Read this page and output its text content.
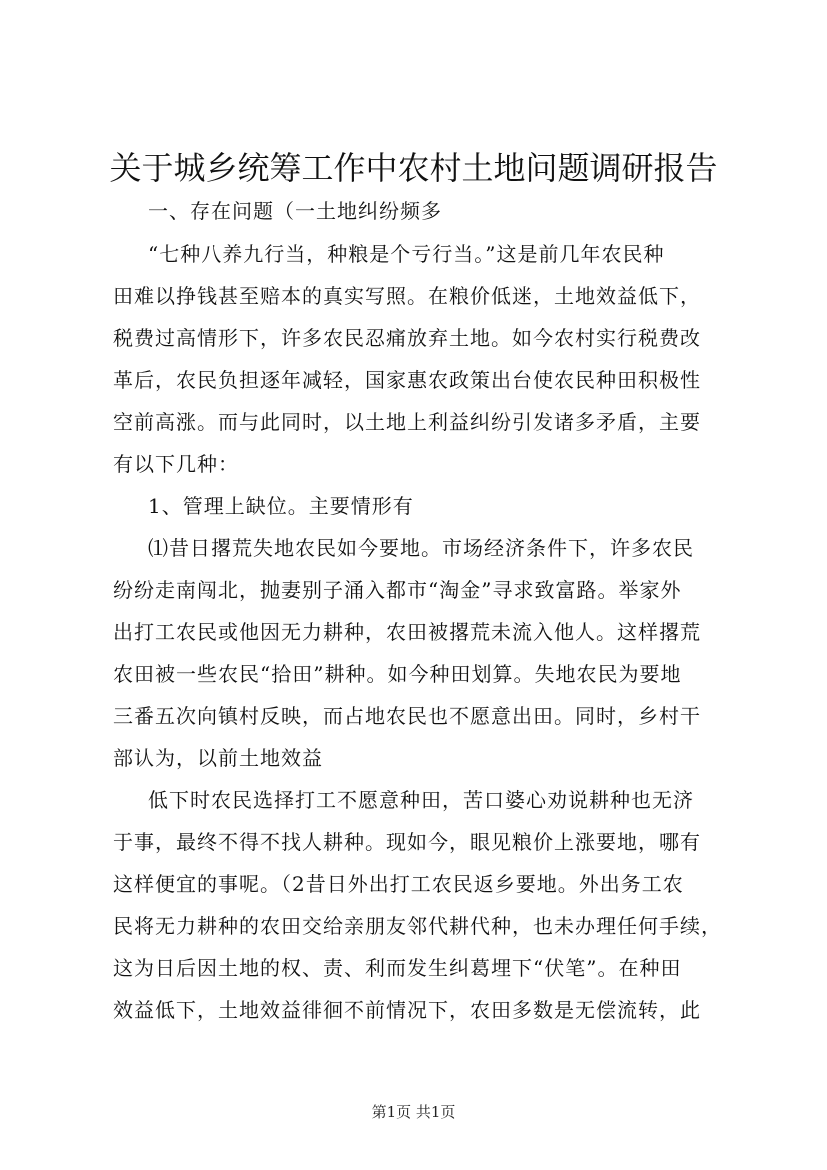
关于城乡统筹工作中农村土地问题调研报告
一、存在问题（一土地纠纷频多
“七种八养九行当，种粮是个亏行当。”这是前几年农民种
田难以挣钱甚至赔本的真实写照。在粮价低迷，土地效益低下，
税费过高情形下，许多农民忍痛放弃土地。如今农村实行税费改
革后，农民负担逐年减轻，国家惠农政策出台使农民种田积极性
空前高涨。而与此同时，以土地上利益纠纷引发诸多矛盾，主要
有以下几种：
1、管理上缺位。主要情形有
⑴昔日撂荒失地农民如今要地。市场经济条件下，许多农民
纷纷走南闯北，抛妻别子涌入都市“淘金”寻求致富路。举家外
出打工农民或他因无力耕种，农田被撂荒未流入他人。这样撂荒
农田被一些农民“拾田”耕种。如今种田划算。失地农民为要地
三番五次向镇村反映，而占地农民也不愿意出田。同时，乡村干
部认为，以前土地效益
低下时农民选择打工不愿意种田，苦口婆心劝说耕种也无济
于事，最终不得不找人耕种。现如今，眼见粮价上涨要地，哪有
这样便宜的事呢。（2昔日外出打工农民返乡要地。外出务工农
民将无力耕种的农田交给亲朋友邻代耕代种，也未办理任何手续，
这为日后因土地的权、责、利而发生纠葛埋下“伏笔”。在种田
效益低下，土地效益徘徊不前情况下，农田多数是无偿流转，此
第1页 共1页
